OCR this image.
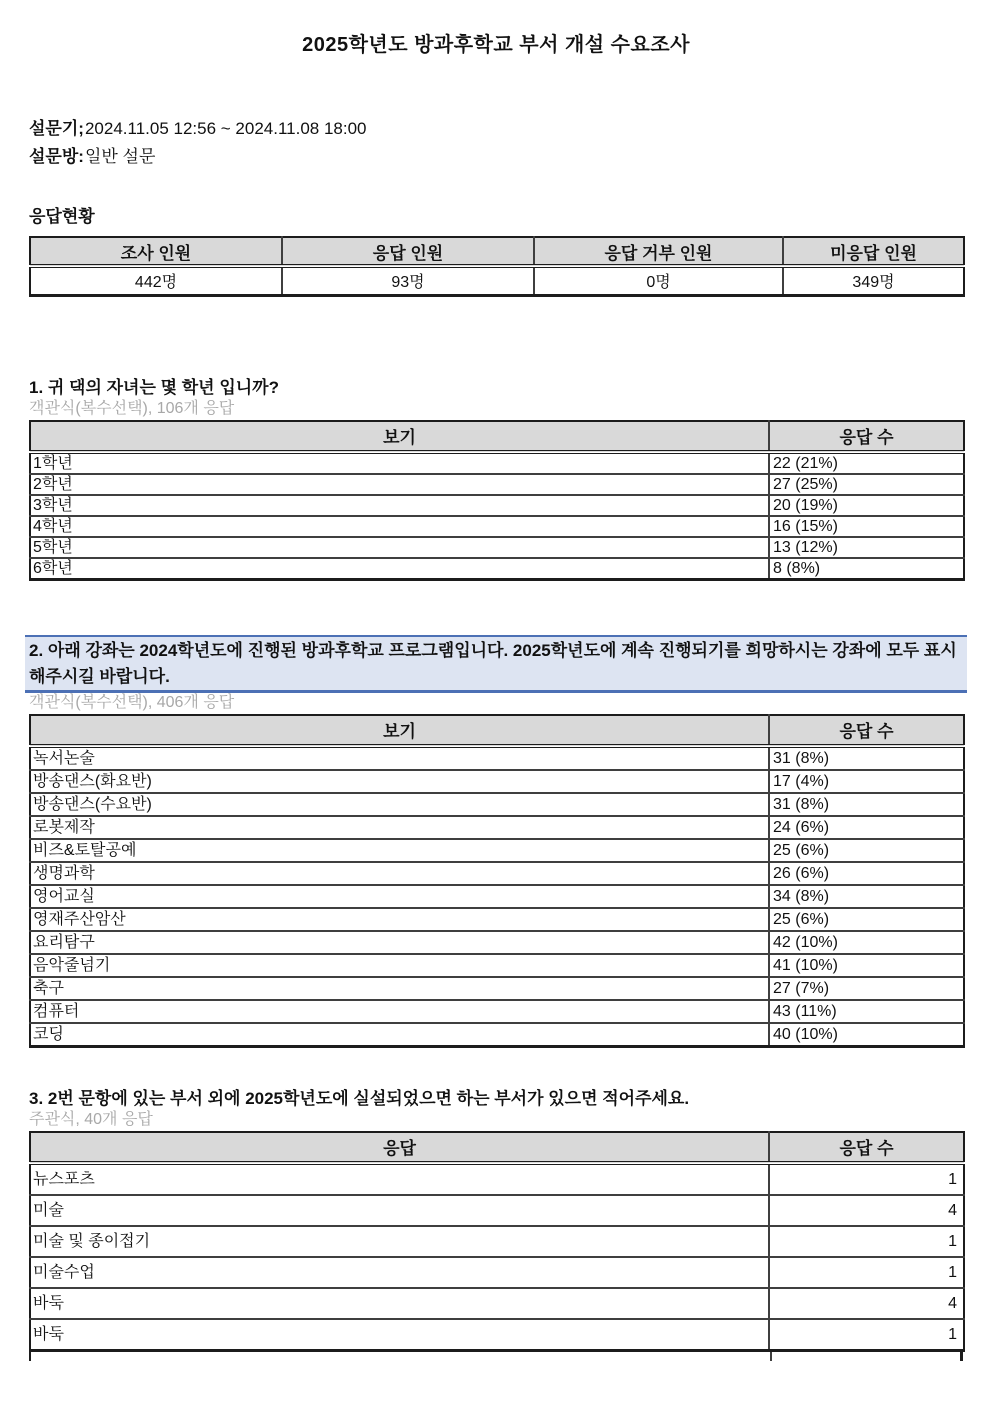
2025학년도 방과후학교 부서 개설 수요조사
설문기;2024.11.05 12:56 ~ 2024.11.08 18:00
설문방:일반 설문
응답현황
조사 인원	응답 인원	응답 거부 인원	미응답 인원
442명	93명	0명	349명
1. 귀 댁의 자녀는 몇 학년 입니까?
객관식(복수선택), 106개 응답
보기	응답 수
1학년	22 (21%)
2학년	27 (25%)
3학년	20 (19%)
4학년	16 (15%)
5학년	13 (12%)
6학년	8 (8%)
2. 아래 강좌는 2024학년도에 진행된 방과후학교 프로그램입니다. 2025학년도에 계속 진행되기를 희망하시는 강좌에 모두 표시해주시길 바랍니다.
객관식(복수선택), 406개 응답
보기	응답 수
녹서논술	31 (8%)
방송댄스(화요반)	17 (4%)
방송댄스(수요반)	31 (8%)
로봇제작	24 (6%)
비즈&토탈공예	25 (6%)
생명과학	26 (6%)
영어교실	34 (8%)
영재주산암산	25 (6%)
요리탐구	42 (10%)
음악줄넘기	41 (10%)
축구	27 (7%)
컴퓨터	43 (11%)
코딩	40 (10%)
3. 2번 문항에 있는 부서 외에 2025학년도에 실설되었으면 하는 부서가 있으면 적어주세요.
주관식, 40개 응답
응답	응답 수
뉴스포츠	1
미술	4
미술 및 종이접기	1
미술수업	1
바둑	4
바둑	1
